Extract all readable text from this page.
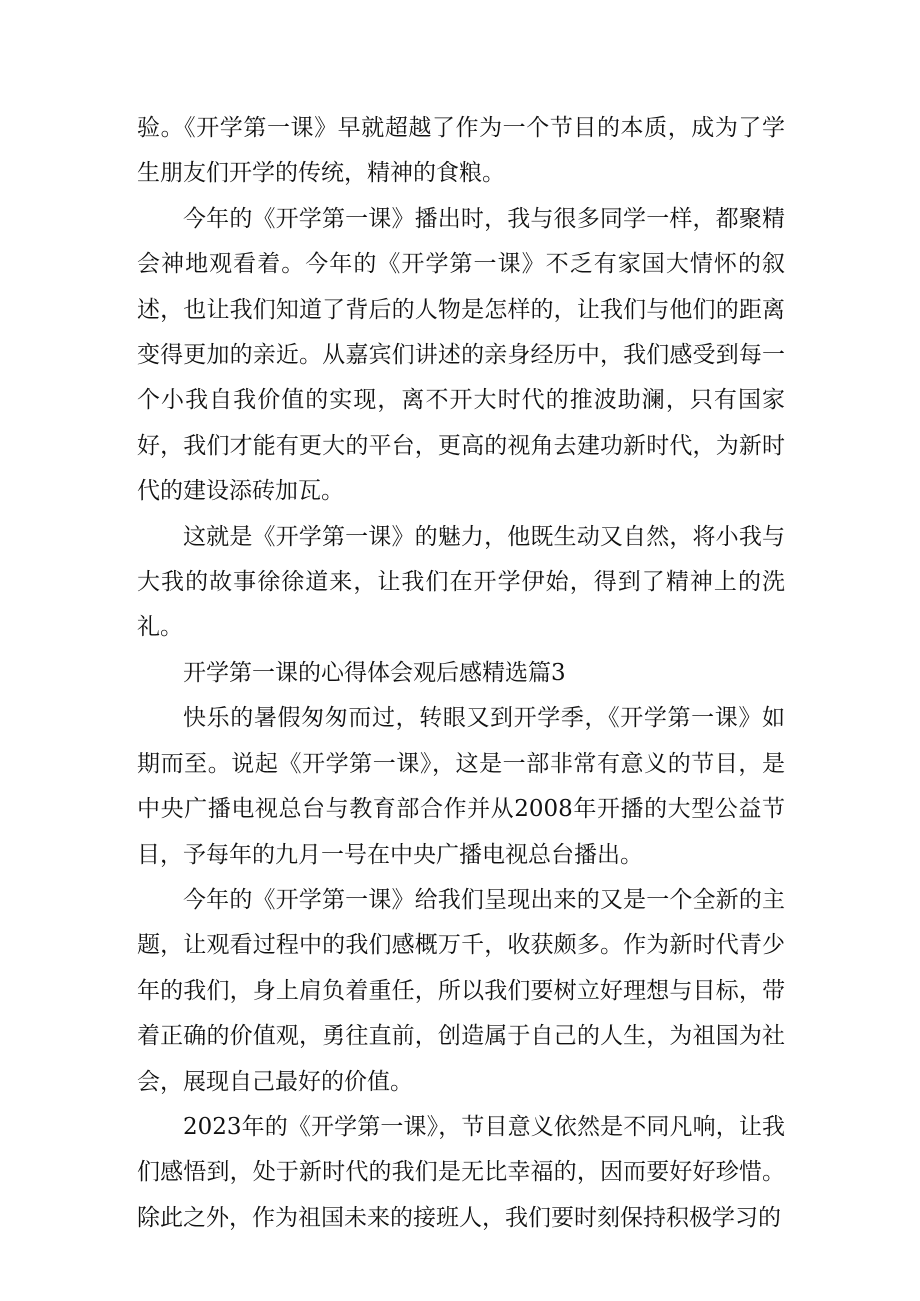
验。《开学第一课》早就超越了作为一个节目的本质，成为了学生朋友们开学的传统，精神的食粮。

今年的《开学第一课》播出时，我与很多同学一样，都聚精会神地观看着。今年的《开学第一课》不乏有家国大情怀的叙述，也让我们知道了背后的人物是怎样的，让我们与他们的距离变得更加的亲近。从嘉宾们讲述的亲身经历中，我们感受到每一个小我自我价值的实现，离不开大时代的推波助澜，只有国家好，我们才能有更大的平台，更高的视角去建功新时代，为新时代的建设添砖加瓦。

这就是《开学第一课》的魅力，他既生动又自然，将小我与大我的故事徐徐道来，让我们在开学伊始，得到了精神上的洗礼。

开学第一课的心得体会观后感精选篇3

快乐的暑假匆匆而过，转眼又到开学季，《开学第一课》如期而至。说起《开学第一课》，这是一部非常有意义的节目，是中央广播电视总台与教育部合作并从2008年开播的大型公益节目，予每年的九月一号在中央广播电视总台播出。

今年的《开学第一课》给我们呈现出来的又是一个全新的主题，让观看过程中的我们感概万千，收获颇多。作为新时代青少年的我们，身上肩负着重任，所以我们要树立好理想与目标，带着正确的价值观，勇往直前，创造属于自己的人生，为祖国为社会，展现自己最好的价值。

2023年的《开学第一课》，节目意义依然是不同凡响，让我们感悟到，处于新时代的我们是无比幸福的，因而要好好珍惜。除此之外，作为祖国未来的接班人，我们要时刻保持积极学习的
